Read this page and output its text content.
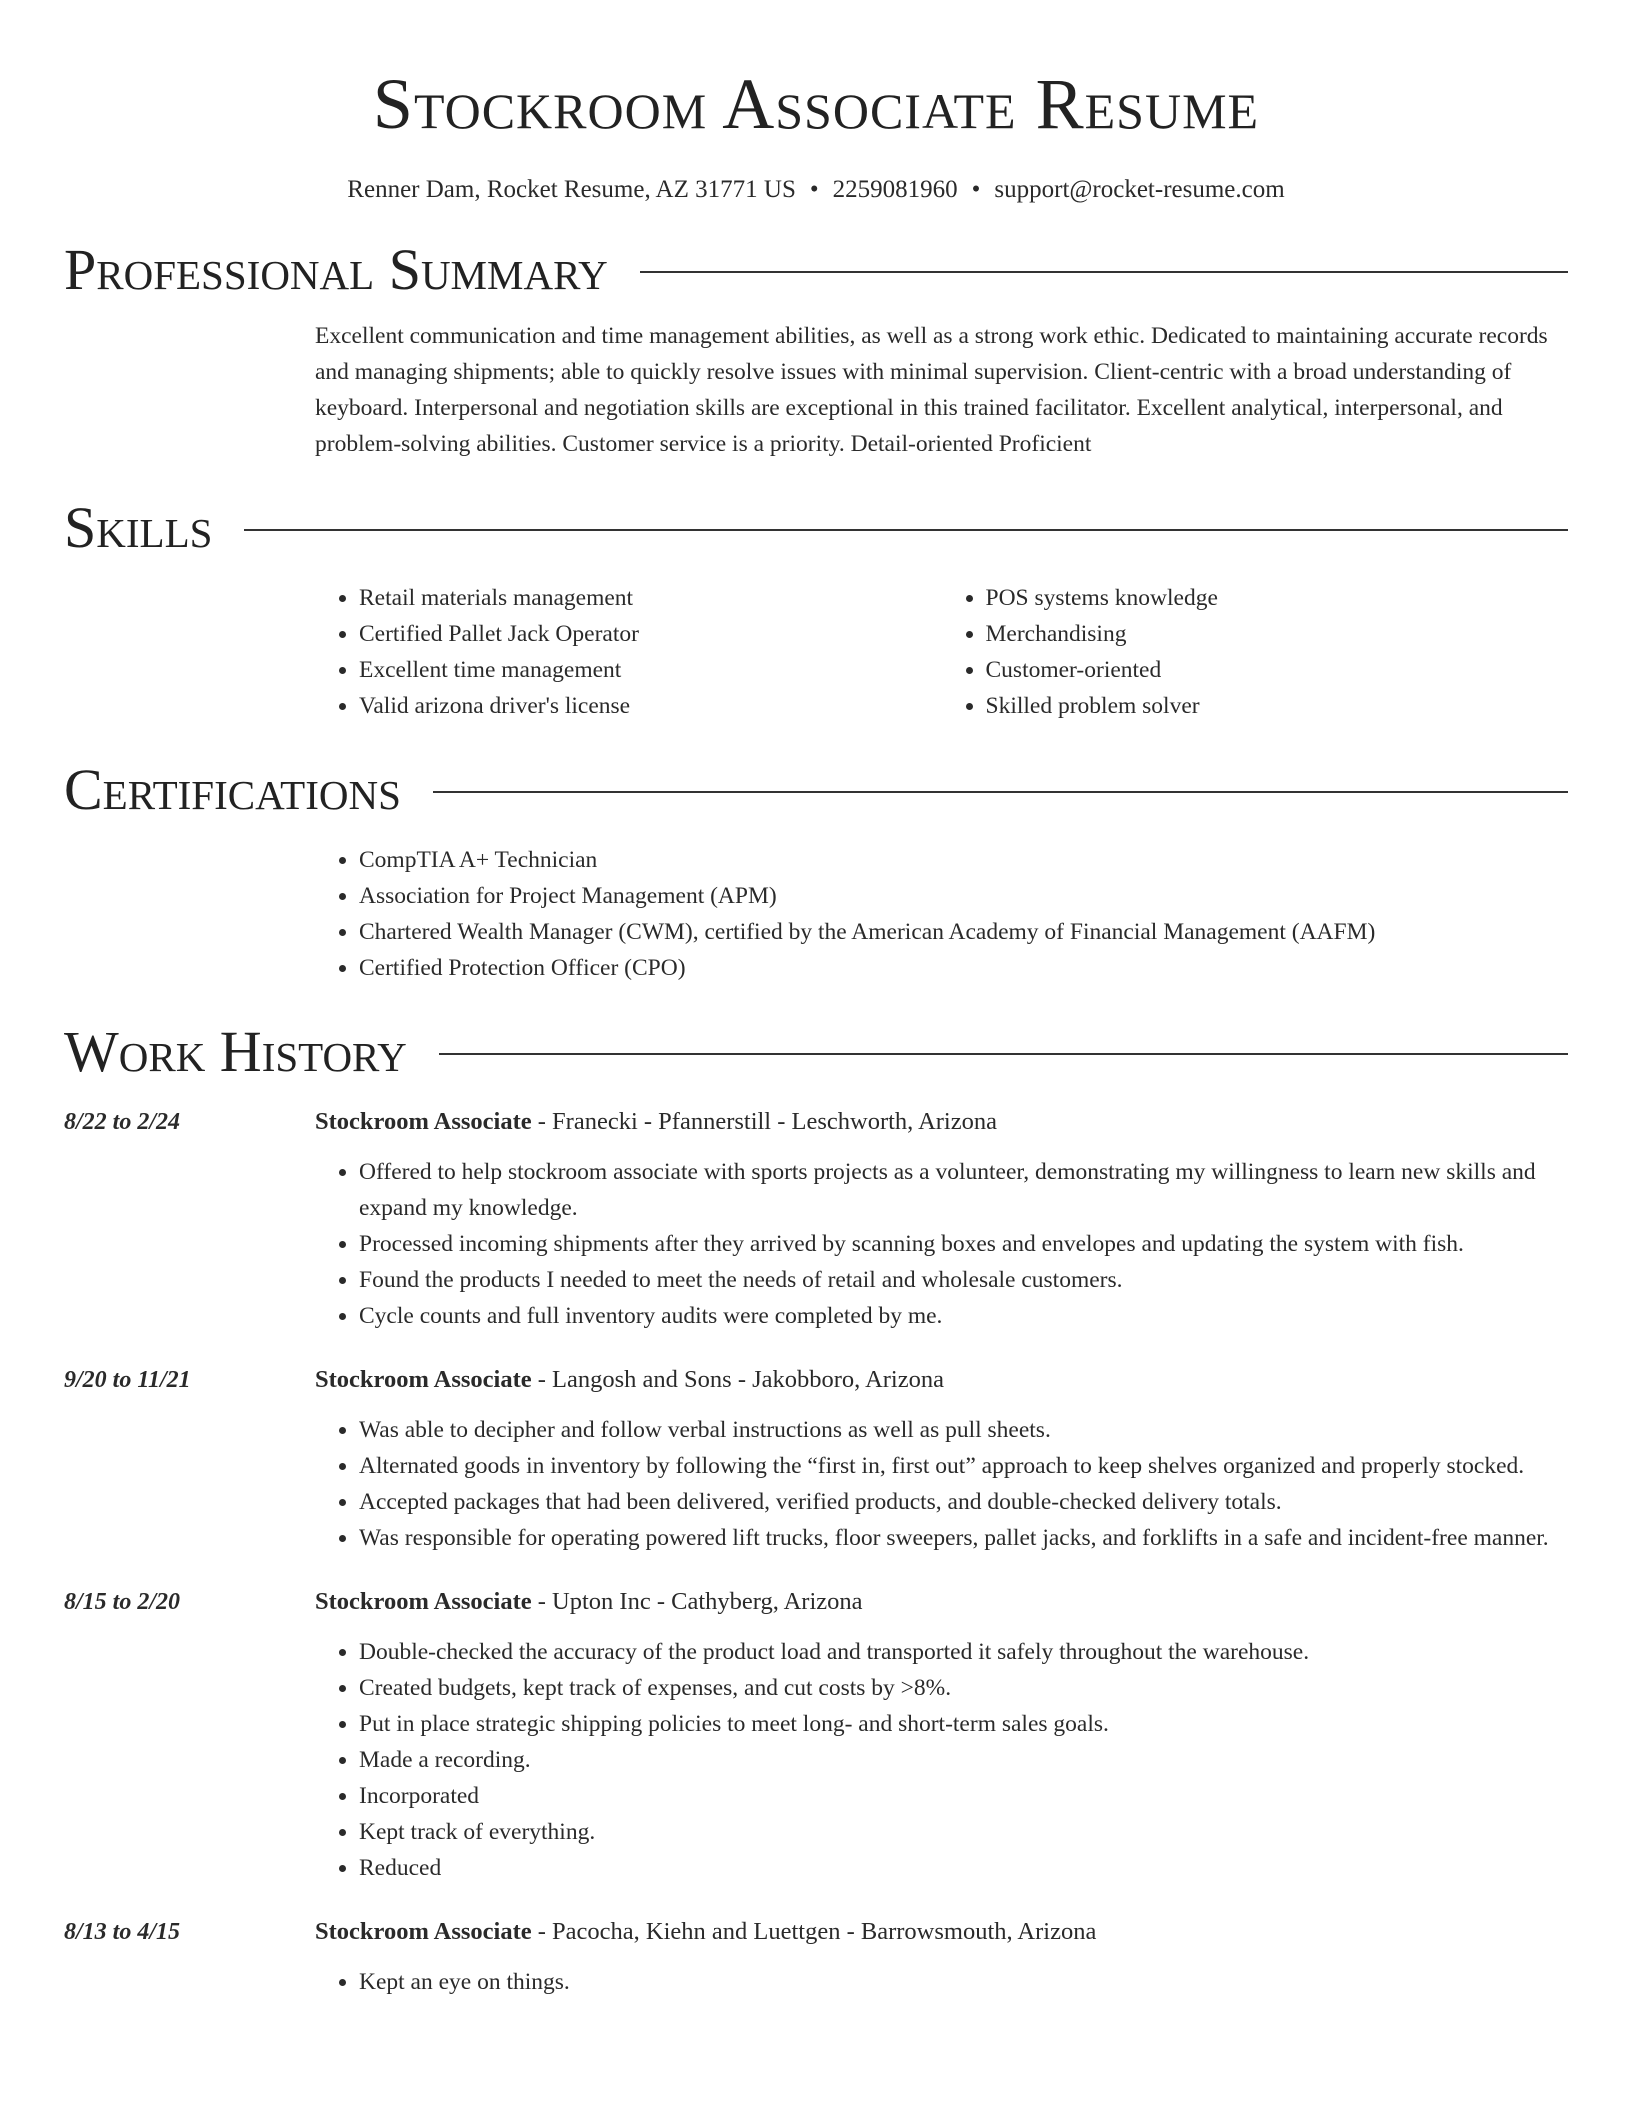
Stockroom Associate Resume
Renner Dam, Rocket Resume, AZ 31771 US • 2259081960 • support@rocket-resume.com
Professional Summary
Excellent communication and time management abilities, as well as a strong work ethic. Dedicated to maintaining accurate records and managing shipments; able to quickly resolve issues with minimal supervision. Client-centric with a broad understanding of keyboard. Interpersonal and negotiation skills are exceptional in this trained facilitator. Excellent analytical, interpersonal, and problem-solving abilities. Customer service is a priority. Detail-oriented Proficient
Skills
• Retail materials management
• Certified Pallet Jack Operator
• Excellent time management
• Valid arizona driver's license
• POS systems knowledge
• Merchandising
• Customer-oriented
• Skilled problem solver
Certifications
• CompTIA A+ Technician
• Association for Project Management (APM)
• Chartered Wealth Manager (CWM), certified by the American Academy of Financial Management (AAFM)
• Certified Protection Officer (CPO)
Work History
8/22 to 2/24	Stockroom Associate - Franecki - Pfannerstill - Leschworth, Arizona
• Offered to help stockroom associate with sports projects as a volunteer, demonstrating my willingness to learn new skills and expand my knowledge.
• Processed incoming shipments after they arrived by scanning boxes and envelopes and updating the system with fish.
• Found the products I needed to meet the needs of retail and wholesale customers.
• Cycle counts and full inventory audits were completed by me.
9/20 to 11/21	Stockroom Associate - Langosh and Sons - Jakobboro, Arizona
• Was able to decipher and follow verbal instructions as well as pull sheets.
• Alternated goods in inventory by following the “first in, first out” approach to keep shelves organized and properly stocked.
• Accepted packages that had been delivered, verified products, and double-checked delivery totals.
• Was responsible for operating powered lift trucks, floor sweepers, pallet jacks, and forklifts in a safe and incident-free manner.
8/15 to 2/20	Stockroom Associate - Upton Inc - Cathyberg, Arizona
• Double-checked the accuracy of the product load and transported it safely throughout the warehouse.
• Created budgets, kept track of expenses, and cut costs by >8%.
• Put in place strategic shipping policies to meet long- and short-term sales goals.
• Made a recording.
• Incorporated
• Kept track of everything.
• Reduced
8/13 to 4/15	Stockroom Associate - Pacocha, Kiehn and Luettgen - Barrowsmouth, Arizona
• Kept an eye on things.
